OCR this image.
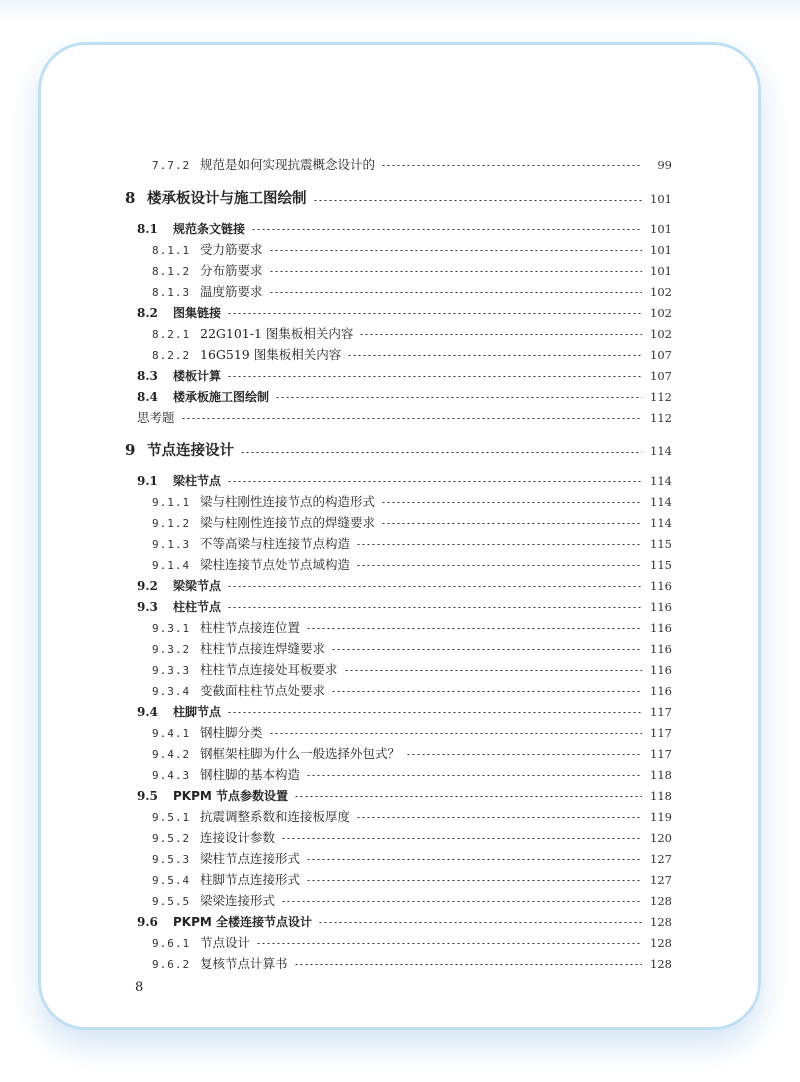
7.7.2 规范是如何实现抗震概念设计的	99
8 楼承板设计与施工图绘制	101
8.1	规范条文链接	101
8.1.1 受力筋要求	101
8.1.2 分布筋要求	101
8.1.3 温度筋要求	102
8.2	图集链接	102
8.2.1 22G101-1 图集板相关内容	102
8.2.2 16G519 图集板相关内容	107
8.3	楼板计算	107
8.4	楼承板施工图绘制	112
思考题	112
9 节点连接设计	114
9.1	梁柱节点	114
9.1.1 梁与柱刚性连接节点的构造形式	114
9.1.2 梁与柱刚性连接节点的焊缝要求	114
9.1.3 不等高梁与柱连接节点构造	115
9.1.4 梁柱连接节点处节点域构造	115
9.2	梁梁节点	116
9.3	柱柱节点	116
9.3.1 柱柱节点接连位置	116
9.3.2 柱柱节点接连焊缝要求	116
9.3.3 柱柱节点连接处耳板要求	116
9.3.4 变截面柱柱节点处要求	116
9.4	柱脚节点	117
9.4.1 钢柱脚分类	117
9.4.2 钢框架柱脚为什么一般选择外包式？	117
9.4.3 钢柱脚的基本构造	118
9.5	PKPM 节点参数设置	118
9.5.1 抗震调整系数和连接板厚度	119
9.5.2 连接设计参数	120
9.5.3 梁柱节点连接形式	127
9.5.4 柱脚节点连接形式	127
9.5.5 梁梁连接形式	128
9.6	PKPM 全楼连接节点设计	128
9.6.1 节点设计	128
9.6.2 复核节点计算书	128
8
